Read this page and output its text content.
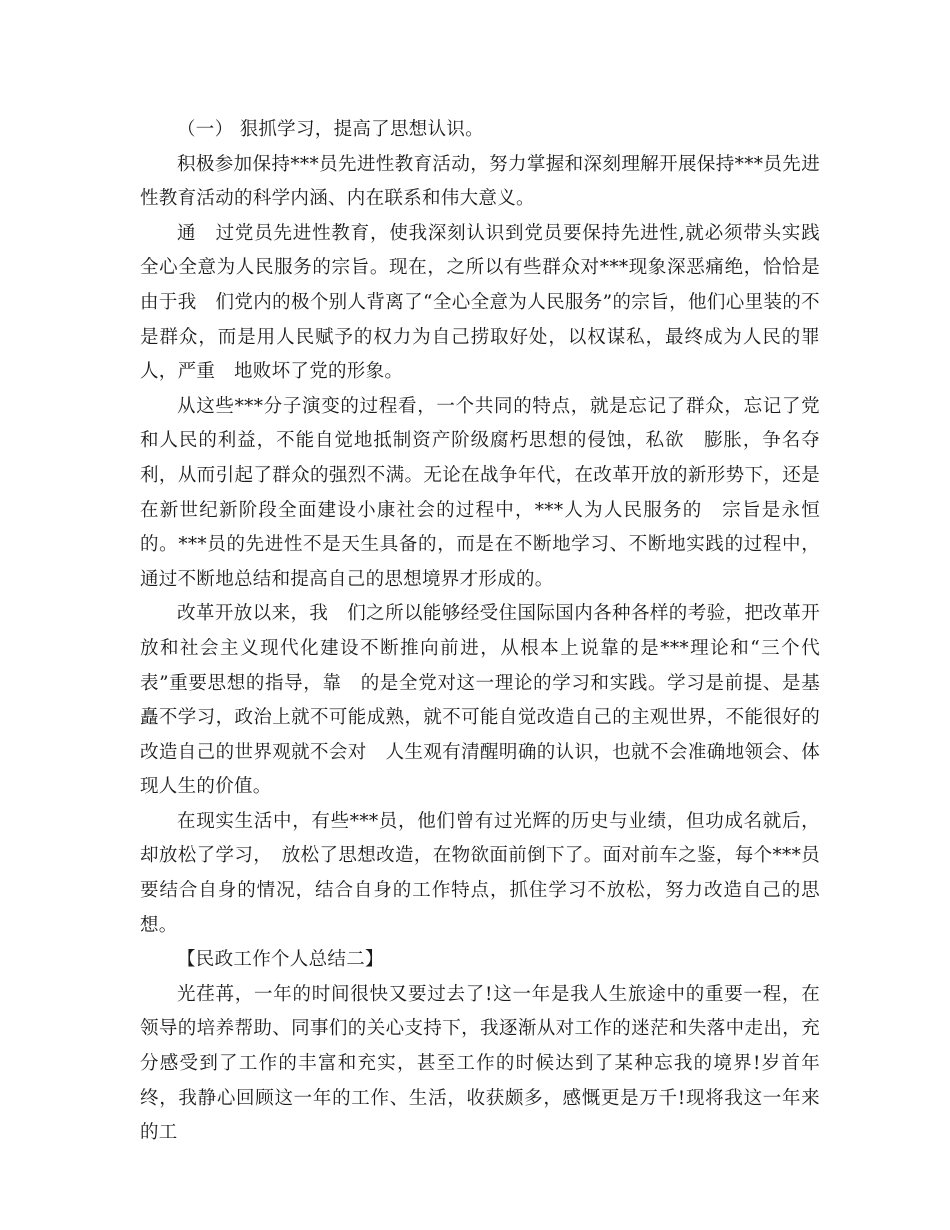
（一） 狠抓学习，提高了思想认识。

积极参加保持***员先进性教育活动，努力掌握和深刻理解开展保持***员先进性教育活动的科学内涵、内在联系和伟大意义。

通　过党员先进性教育，使我深刻认识到党员要保持先进性,就必须带头实践全心全意为人民服务的宗旨。现在，之所以有些群众对***现象深恶痛绝，恰恰是由于我　们党内的极个别人背离了“全心全意为人民服务”的宗旨，他们心里装的不是群众，而是用人民赋予的权力为自己捞取好处，以权谋私，最终成为人民的罪人，严重　地败坏了党的形象。

从这些***分子演变的过程看，一个共同的特点，就是忘记了群众，忘记了党和人民的利益，不能自觉地抵制资产阶级腐朽思想的侵蚀，私欲　膨胀，争名夺利，从而引起了群众的强烈不满。无论在战争年代，在改革开放的新形势下，还是在新世纪新阶段全面建设小康社会的过程中，***人为人民服务的　宗旨是永恒的。***员的先进性不是天生具备的，而是在不断地学习、不断地实践的过程中，通过不断地总结和提高自己的思想境界才形成的。

改革开放以来，我　们之所以能够经受住国际国内各种各样的考验，把改革开放和社会主义现代化建设不断推向前进，从根本上说靠的是***理论和“三个代表”重要思想的指导，靠　的是全党对这一理论的学习和实践。学习是前提、是基矗不学习，政治上就不可能成熟，就不可能自觉改造自己的主观世界，不能很好的改造自己的世界观就不会对　人生观有清醒明确的认识，也就不会准确地领会、体现人生的价值。

在现实生活中，有些***员，他们曾有过光辉的历史与业绩，但功成名就后，却放松了学习，　放松了思想改造，在物欲面前倒下了。面对前车之鉴，每个***员要结合自身的情况，结合自身的工作特点，抓住学习不放松，努力改造自己的思想。

【民政工作个人总结二】

光荏苒，一年的时间很快又要过去了!这一年是我人生旅途中的重要一程，在领导的培养帮助、同事们的关心支持下，我逐渐从对工作的迷茫和失落中走出，充分感受到了工作的丰富和充实，甚至工作的时候达到了某种忘我的境界!岁首年终，我静心回顾这一年的工作、生活，收获颇多，感慨更是万千!现将我这一年来的工
